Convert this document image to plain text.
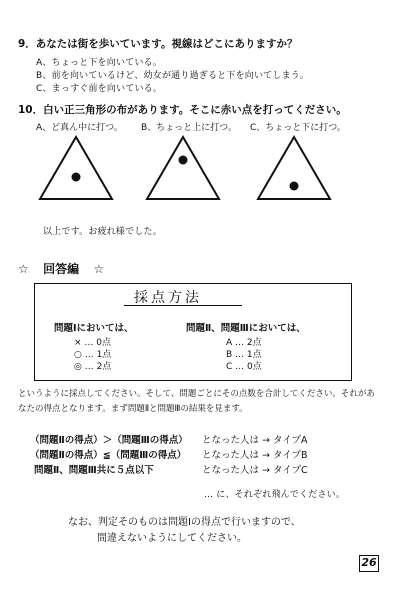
9．あなたは街を歩いています。視線はどこにありますか？
A、ちょっと下を向いている。
B、前を向いているけど、幼女が通り過ぎると下を向いてしまう。
C、まっすぐ前を向いている。
10．白い正三角形の布があります。そこに赤い点を打ってください。
A、ど真ん中に打つ。 B、ちょっと上に打つ。 C、ちょっと下に打つ。
以上です。お疲れ様でした。
☆ 回答編 ☆
採点方法
問題Ⅰにおいては、
× … 0点
○ … 1点
◎ … 2点
問題Ⅱ、問題Ⅲにおいては、
A … 2点
B … 1点
C … 0点
というように採点してください。そして、問題ごとにその点数を合計してください。それがあなたの得点となります。まず問題Ⅱと問題Ⅲの結果を見ます。
（問題Ⅱの得点）＞（問題Ⅲの得点） となった人は → タイプA
（問題Ⅱの得点）≦（問題Ⅲの得点） となった人は → タイプB
問題Ⅱ、問題Ⅲ共に５点以下	となった人は → タイプC
… に、それぞれ飛んでください。
なお、判定そのものは問題Ⅰの得点で行いますので、
間違えないようにしてください。
26
